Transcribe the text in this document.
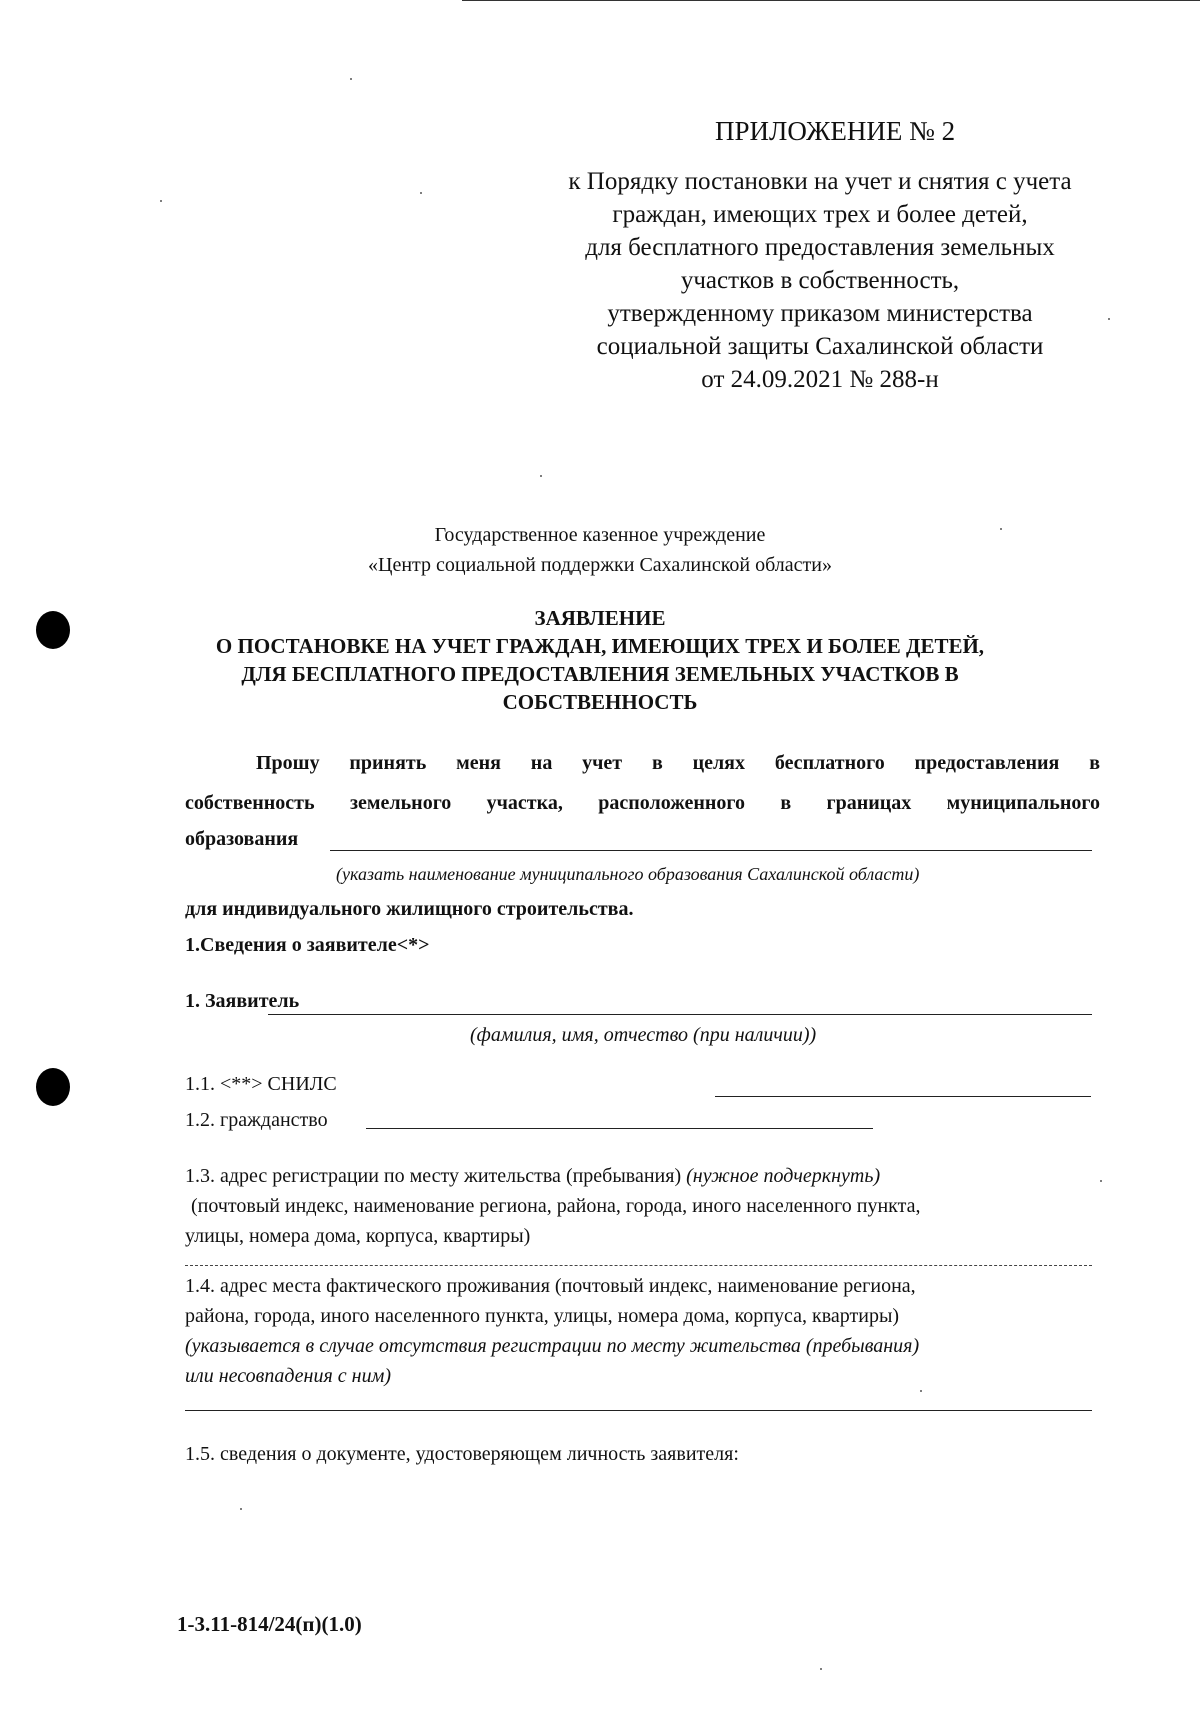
ПРИЛОЖЕНИЕ № 2
к Порядку постановки на учет и снятия с учета
граждан, имеющих трех и более детей,
для бесплатного предоставления земельных
участков в собственность,
утвержденному приказом министерства
социальной защиты Сахалинской области
от 24.09.2021 № 288-н
Государственное казенное учреждение
«Центр социальной поддержки Сахалинской области»
ЗАЯВЛЕНИЕ
О ПОСТАНОВКЕ НА УЧЕТ ГРАЖДАН, ИМЕЮЩИХ ТРЕХ И БОЛЕЕ ДЕТЕЙ,
ДЛЯ БЕСПЛАТНОГО ПРЕДОСТАВЛЕНИЯ ЗЕМЕЛЬНЫХ УЧАСТКОВ В
СОБСТВЕННОСТЬ
Прошу принять меня на учет в целях бесплатного предоставления в
собственность земельного участка, расположенного в границах муниципального
образования
(указать наименование муниципального образования Сахалинской области)
для индивидуального жилищного строительства.
1.Сведения о заявителе<*>
1. Заявитель
(фамилия, имя, отчество (при наличии))
1.1. <**> СНИЛС
1.2. гражданство
1.3. адрес регистрации по месту жительства (пребывания) (нужное подчеркнуть)
(почтовый индекс, наименование региона, района, города, иного населенного пункта,
улицы, номера дома, корпуса, квартиры)
1.4. адрес места фактического проживания (почтовый индекс, наименование региона,
района, города, иного населенного пункта, улицы, номера дома, корпуса, квартиры)
(указывается в случае отсутствия регистрации по месту жительства (пребывания)
или несовпадения с ним)
1.5. сведения о документе, удостоверяющем личность заявителя:
1-3.11-814/24(п)(1.0)
